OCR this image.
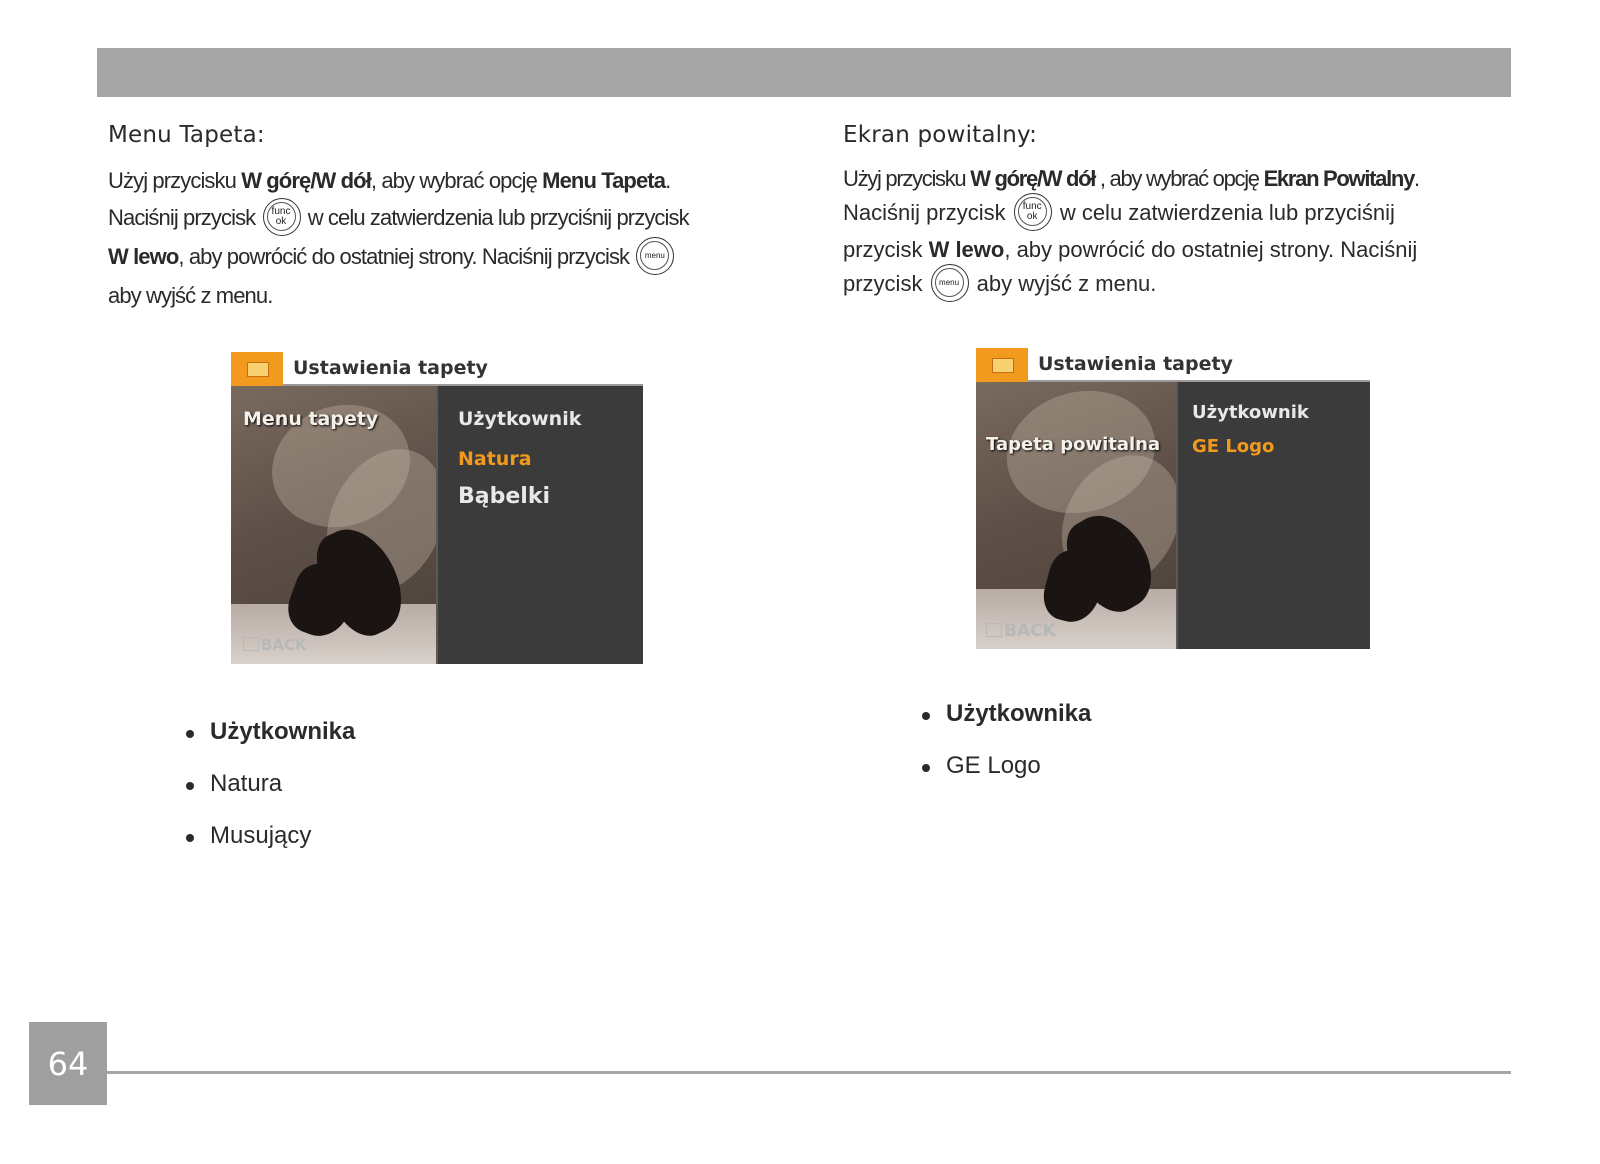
Menu Tapeta:
Użyj przycisku W górę/W dół, aby wybrać opcję Menu Tapeta.
Naciśnij przycisk func
ok w celu zatwierdzenia lub przyciśnij przycisk
W lewo, aby powrócić do ostatniej strony. Naciśnij przycisk menu
aby wyjść z menu.
Ustawienia tapety
Menu tapety
BACK
Użytkownik
Natura
Bąbelki
Użytkownika
Natura
Musujący
Ekran powitalny:
Użyj przycisku W górę/W dół , aby wybrać opcję Ekran Powitalny.
Naciśnij przycisk func
ok w celu zatwierdzenia lub przyciśnij
przycisk W lewo, aby powrócić do ostatniej strony. Naciśnij
przycisk menu aby wyjść z menu.
Ustawienia tapety
Tapeta powitalna
BACK
Użytkownik
GE Logo
Użytkownika
GE Logo
64
